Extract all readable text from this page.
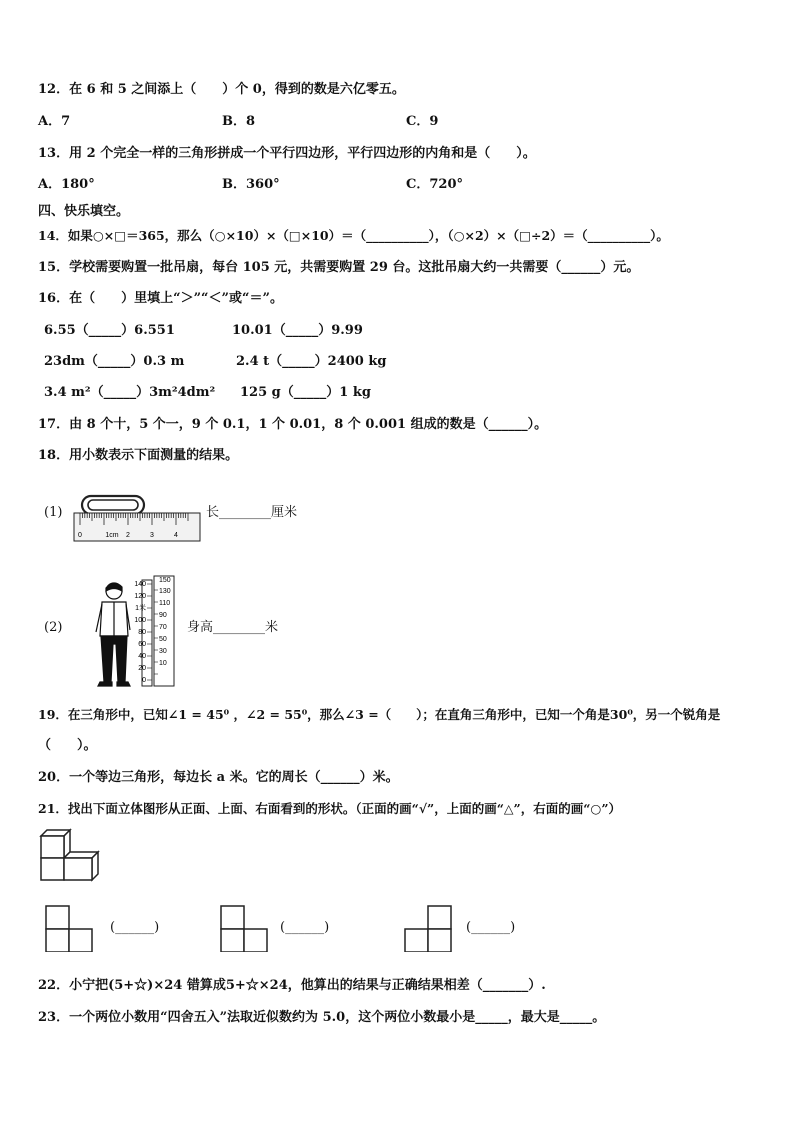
12．在 6 和 5 之间添上（　　）个 0，得到的数是六亿零五。
A．7	B．8	C．9
13．用 2 个完全一样的三角形拼成一个平行四边形，平行四边形的内角和是（　　）。
A．180°	B．360°	C．720°
四、快乐填空。
14．如果○×□＝365，那么（○×10）×（□×10）＝（__________），（○×2）×（□÷2）＝（__________）。
15．学校需要购置一批吊扇，每台 105 元，共需要购置 29 台。这批吊扇大约一共需要（______）元。
16．在（　　）里填上“＞”“＜”或“＝”。
6.55（_____）6.551	10.01（_____）9.99
23dm（_____）0.3 m	2.4 t（_____）2400 kg
3.4 m²（_____）3m²4dm² 125 g（_____）1 kg
17．由 8 个十，5 个一，9 个 0.1，1 个 0.01，8 个 0.001 组成的数是（______）。
18．用小数表示下面测量的结果。
(1)
0	1cm 2	3	4
长________厘米
(2)
140
120
1米
100
80
60
40
20
0
150
130
110
90
70
50
30
10
身高________米
19．在三角形中，已知∠1 = 45⁰ ，∠2 = 55⁰，那么∠3 =（　　）；在直角三角形中，已知一个角是30⁰，另一个锐角是
（　　）。
20．一个等边三角形，每边长 a 米。它的周长（______）米。
21．找出下面立体图形从正面、上面、右面看到的形状。（正面的画“√”，上面的画“△”，右面的画“○”）
(______)	(______)	(______)
22．小宁把(5+☆)×24 错算成5+☆×24，他算出的结果与正确结果相差（_______）.
23．一个两位小数用“四舍五入”法取近似数约为 5.0，这个两位小数最小是_____，最大是_____。
